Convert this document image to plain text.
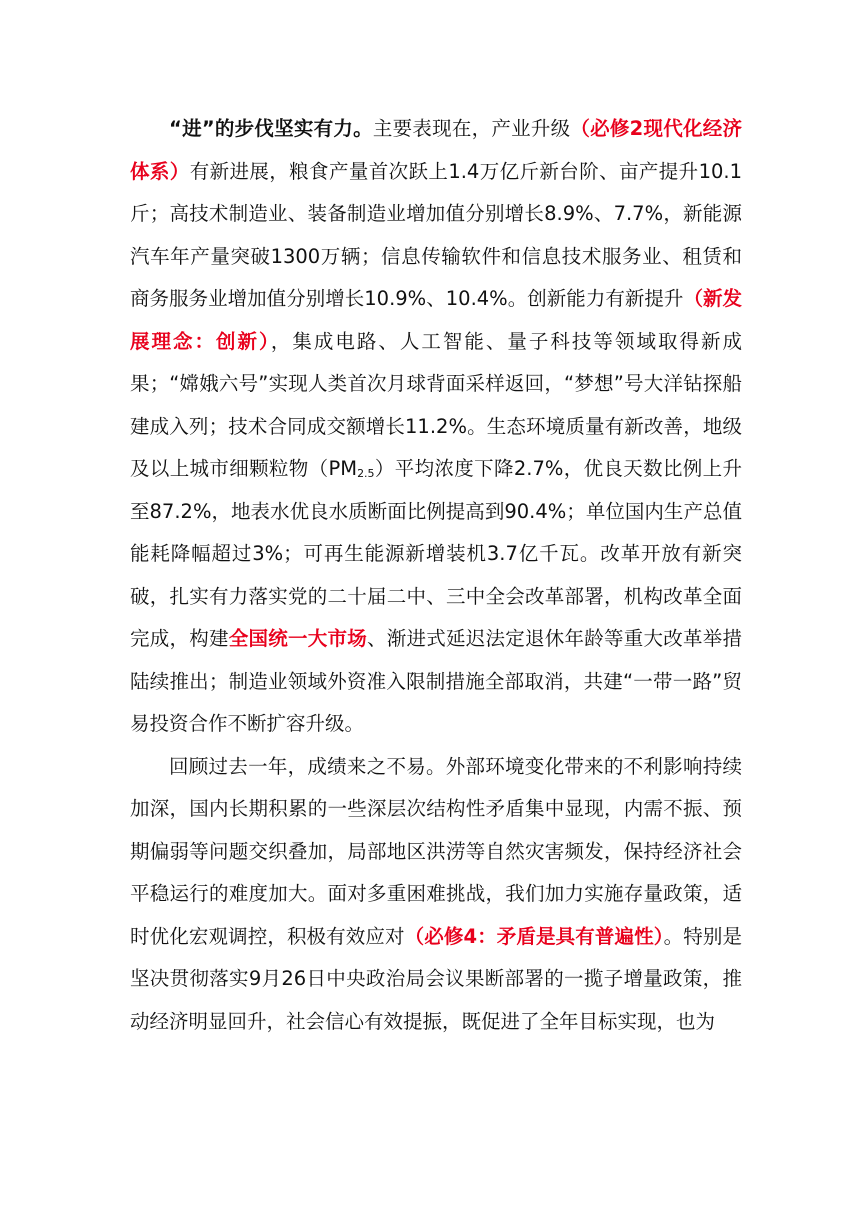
“进”的步伐坚实有力。主要表现在，产业升级（必修2现代化经济体系）有新进展，粮食产量首次跃上1.4万亿斤新台阶、亩产提升10.1斤；高技术制造业、装备制造业增加值分别增长8.9%、7.7%，新能源汽车年产量突破1300万辆；信息传输软件和信息技术服务业、租赁和商务服务业增加值分别增长10.9%、10.4%。创新能力有新提升（新发展理念：创新），集成电路、人工智能、量子科技等领域取得新成果；“嫦娥六号”实现人类首次月球背面采样返回，“梦想”号大洋钻探船建成入列；技术合同成交额增长11.2%。生态环境质量有新改善，地级及以上城市细颗粒物$(PM_{2.5})$平均浓度下降2.7%，优良天数比例上升至87.2%，地表水优良水质断面比例提高到90.4%；单位国内生产总值能耗降幅超过3%；可再生能源新增装机3.7亿千瓦。改革开放有新突破，扎实有力落实党的二十届二中、三中全会改革部署，机构改革全面完成，构建全国统一大市场、渐进式延迟法定退休年龄等重大改革举措陆续推出；制造业领域外资准入限制措施全部取消，共建“一带一路”贸易投资合作不断扩容升级。

回顾过去一年，成绩来之不易。外部环境变化带来的不利影响持续加深，国内长期积累的一些深层次结构性矛盾集中显现，内需不振、预期偏弱等问题交织叠加，局部地区洪涝等自然灾害频发，保持经济社会平稳运行的难度加大。面对多重困难挑战，我们加力实施存量政策，适时优化宏观调控，积极有效应对（必修4：矛盾是具有普遍性）。特别是坚决贯彻落实9月26日中央政治局会议果断部署的一揽子增量政策，推动经济明显回升，社会信心有效提振，既促进了全年目标实现，也为
